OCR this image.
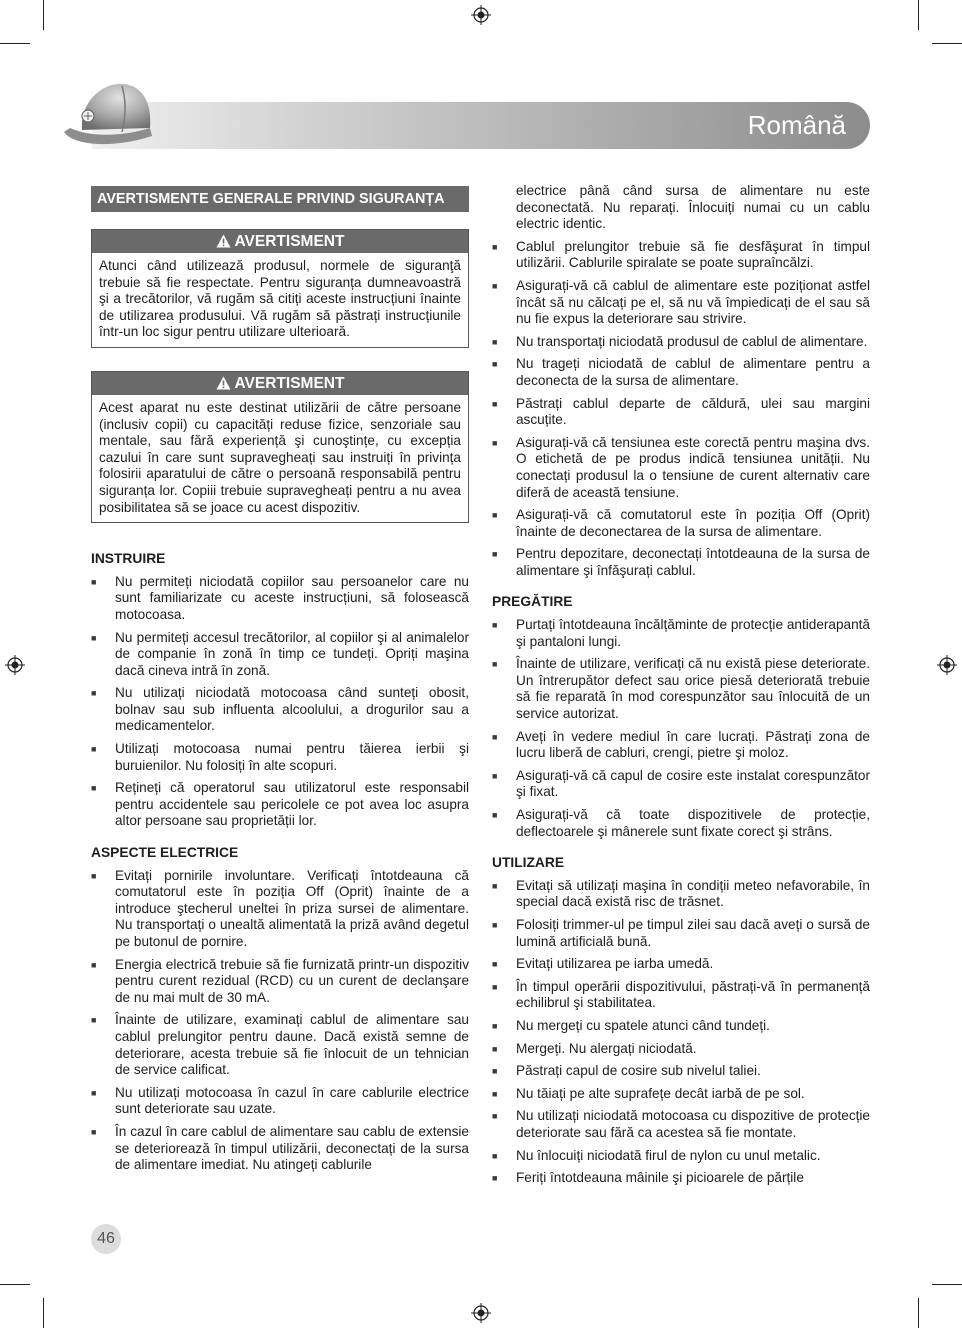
Română
AVERTISMENTE GENERALE PRIVIND SIGURANȚA
AVERTISMENT
Atunci când utilizează produsul, normele de siguranţă trebuie să fie respectate. Pentru siguranța dumneavoastră şi a trecătorilor, vă rugăm să citiți aceste instrucțiuni înainte de utilizarea produsului. Vă rugăm să păstrați instrucțiunile într-un loc sigur pentru utilizare ulterioară.
AVERTISMENT
Acest aparat nu este destinat utilizării de către persoane (inclusiv copii) cu capacități reduse fizice, senzoriale sau mentale, sau fără experiență şi cunoştințe, cu excepția cazului în care sunt supravegheați sau instruiți în privința folosirii aparatului de către o persoană responsabilă pentru siguranța lor. Copiii trebuie supravegheați pentru a nu avea posibilitatea să se joace cu acest dispozitiv.
INSTRUIRE
■ Nu permiteți niciodată copiilor sau persoanelor care nu sunt familiarizate cu aceste instrucțiuni, să folosească motocoasa.
■ Nu permiteți accesul trecătorilor, al copiilor şi al animalelor de companie în zonă în timp ce tundeți. Opriți maşina dacă cineva intră în zonă.
■ Nu utilizați niciodată motocoasa când sunteți obosit, bolnav sau sub influenta alcoolului, a drogurilor sau a medicamentelor.
■ Utilizați motocoasa numai pentru tăierea ierbii şi buruienilor. Nu folosiți în alte scopuri.
■ Rețineți că operatorul sau utilizatorul este responsabil pentru accidentele sau pericolele ce pot avea loc asupra altor persoane sau proprietății lor.
ASPECTE ELECTRICE
■ Evitați pornirile involuntare. Verificați întotdeauna că comutatorul este în poziția Off (Oprit) înainte de a introduce ştecherul uneltei în priza sursei de alimentare. Nu transportați o unealtă alimentată la priză având degetul pe butonul de pornire.
■ Energia electrică trebuie să fie furnizată printr-un dispozitiv pentru curent rezidual (RCD) cu un curent de declanşare de nu mai mult de 30 mA.
■ Înainte de utilizare, examinați cablul de alimentare sau cablul prelungitor pentru daune. Dacă există semne de deteriorare, acesta trebuie să fie înlocuit de un tehnician de service calificat.
■ Nu utilizați motocoasa în cazul în care cablurile electrice sunt deteriorate sau uzate.
■ În cazul în care cablul de alimentare sau cablu de extensie se deteriorează în timpul utilizării, deconectați de la sursa de alimentare imediat. Nu atingeți cablurile
electrice până când sursa de alimentare nu este deconectată. Nu reparați. Înlocuiți numai cu un cablu electric identic.
■ Cablul prelungitor trebuie să fie desfăşurat în timpul utilizării. Cablurile spiralate se poate supraîncălzi.
■ Asigurați-vă că cablul de alimentare este poziționat astfel încât să nu călcați pe el, să nu vă împiedicați de el sau să nu fie expus la deteriorare sau strivire.
■ Nu transportați niciodată produsul de cablul de alimentare.
■ Nu trageți niciodată de cablul de alimentare pentru a deconecta de la sursa de alimentare.
■ Păstrați cablul departe de căldură, ulei sau margini ascuțite.
■ Asigurați-vă că tensiunea este corectă pentru maşina dvs. O etichetă de pe produs indică tensiunea unității. Nu conectați produsul la o tensiune de curent alternativ care diferă de această tensiune.
■ Asigurați-vă că comutatorul este în poziția Off (Oprit) înainte de deconectarea de la sursa de alimentare.
■ Pentru depozitare, deconectați întotdeauna de la sursa de alimentare şi înfăşurați cablul.
PREGĂTIRE
■ Purtați întotdeauna încălțăminte de protecție antiderapantă şi pantaloni lungi.
■ Înainte de utilizare, verificați că nu există piese deteriorate. Un întrerupător defect sau orice piesă deteriorată trebuie să fie reparată în mod corespunzător sau înlocuită de un service autorizat.
■ Aveți în vedere mediul în care lucrați. Păstrați zona de lucru liberă de cabluri, crengi, pietre şi moloz.
■ Asigurați-vă că capul de cosire este instalat corespunzător şi fixat.
■ Asigurați-vă că toate dispozitivele de protecție, deflectoarele şi mânerele sunt fixate corect şi strâns.
UTILIZARE
■ Evitați să utilizați maşina în condiții meteo nefavorabile, în special dacă există risc de trăsnet.
■ Folosiți trimmer-ul pe timpul zilei sau dacă aveți o sursă de lumină artificială bună.
■ Evitați utilizarea pe iarba umedă.
■ În timpul operării dispozitivului, păstrați-vă în permanență echilibrul şi stabilitatea.
■ Nu mergeți cu spatele atunci când tundeți.
■ Mergeți. Nu alergați niciodată.
■ Păstrați capul de cosire sub nivelul taliei.
■ Nu tăiați pe alte suprafețe decât iarbă de pe sol.
■ Nu utilizați niciodată motocoasa cu dispozitive de protecție deteriorate sau fără ca acestea să fie montate.
■ Nu înlocuiți niciodată firul de nylon cu unul metalic.
■ Feriți întotdeauna mâinile şi picioarele de părțile
46
